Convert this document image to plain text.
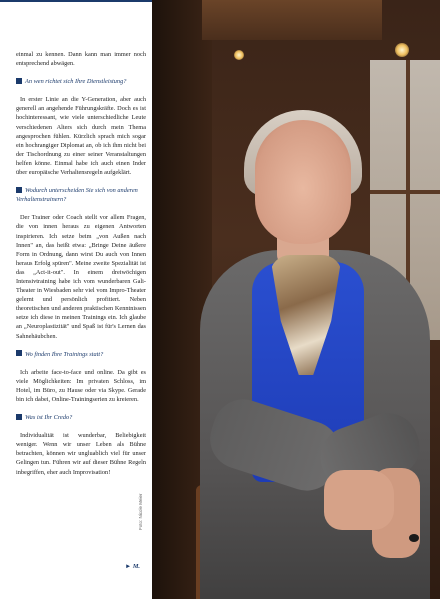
einmal zu kennen. Dann kann man immer noch entsprechend abwägen.

An wen richtet sich Ihre Dienstleistung?

In erster Linie an die Y-Generation, aber auch generell an angehende Führungskräfte. Doch es ist hochinteressant, wie viele unterschiedliche Leute verschiedenen Alters sich durch mein Thema angesprochen fühlen. Kürzlich sprach mich sogar ein hochrangiger Diplomat an, ob ich ihm nicht bei der Tischordnung zu einer seiner Veranstaltungen helfen könne. Einmal habe ich auch einen Inder über europäische Verhaltensregeln aufgeklärt.

Wodurch unterscheiden Sie sich von anderen Verhaltenstrainern?

Der Trainer oder Coach stellt vor allem Fragen, die von innen heraus zu eigenen Antworten inspirieren. Ich setze beim „von Außen nach Innen" an, das heißt etwa: „Bringe Deine äußere Form in Ordnung, dann wirst Du auch von Innen heraus Erfolg spüren". Meine zweite Spezialität ist das „Act-it-out". In einem dreiwöchigen Intensivtraining habe ich vom wunderbaren Gali-Theater in Wiesbaden sehr viel vom Impro-Theater gelernt und persönlich profitiert. Neben theoretischen und anderen praktischen Kenntnissen setze ich diese in meinen Trainings ein. Ich glaube an „Neuroplastizität" und Spaß ist für's Lernen das Sahnehäubchen.

Wo finden Ihre Trainings statt?

Ich arbeite face-to-face und online. Da gibt es viele Möglichkeiten: Im privaten Schloss, im Hotel, im Büro, zu Hause oder via Skype. Gerade bin ich dabei, Online-Trainingserien zu kreieren.

Was ist Ihr Credo?

Individualität ist wunderbar, Beliebigkeit weniger. Wenn wir unser Leben als Bühne betrachten, können wir ungluablich viel für unser Gelingen tun. Führen wir auf dieser Bühne Regeln inbegriffen, eher auch Improvisation!

► M.
Foto: Nicole Meier
